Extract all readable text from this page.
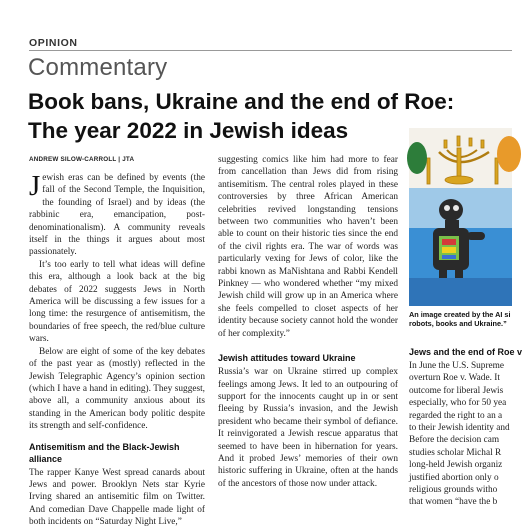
OPINION
Commentary
Book bans, Ukraine and the end of Roe:
The year 2022 in Jewish ideas
ANDREW SILOW-CARROLL | JTA

Jewish eras can be defined by events (the fall of the Second Temple, the Inquisition, the founding of Israel) and by ideas (the rabbinic era, emancipation, post-denominationalism). A community reveals itself in the things it argues about most passionately.

It’s too early to tell what ideas will define this era, although a look back at the big debates of 2022 suggests Jews in North America will be discussing a few issues for a long time: the resurgence of antisemitism, the boundaries of free speech, the red/blue culture wars.

Below are eight of some of the key debates of the past year as (mostly) reflected in the Jewish Telegraphic Agency’s opinion section (which I have a hand in editing). They suggest, above all, a community anxious about its standing in the American body politic despite its strength and self-confidence.

Antisemitism and the Black-Jewish alliance

The rapper Kanye West spread canards about Jews and power. Brooklyn Nets star Kyrie Irving shared an antisemitic film on Twitter. And comedian Dave Chappelle made light of both incidents on “Saturday Night Live,”

suggesting comics like him had more to fear from cancellation than Jews did from rising antisemitism. The central roles played in these controversies by three African American celebrities revived longstanding tensions between two communities who haven’t been able to count on their historic ties since the end of the civil rights era. The war of words was particularly vexing for Jews of color, like the rabbi known as MaNishtana and Rabbi Kendell Pinkney — who wondered whether “my mixed Jewish child will grow up in an America where she feels compelled to closet aspects of her identity because society cannot hold the wonder of her complexity.”

Jewish attitudes toward Ukraine

Russia’s war on Ukraine stirred up complex feelings among Jews. It led to an outpouring of support for the innocents caught up in or sent fleeing by Russia’s invasion, and the Jewish president who became their symbol of defiance. It reinvigorated a Jewish rescue apparatus that seemed to have been in hibernation for years. And it probed Jews’ memories of their own historic suffering in Ukraine, often at the hands of the ancestors of those now under attack.

An image created by the AI si
robots, books and Ukraine.”
Jews and the end of Roe v

In June the U.S. Supreme

overturn Roe v. Wade. It

outcome for liberal Jewis

especially, who for 50 yea

regarded the right to an a

to their Jewish identity and

Before the decision cam

studies scholar Michal R

long-held Jewish organiz

justified abortion only o

religious grounds witho

that women “have the b
